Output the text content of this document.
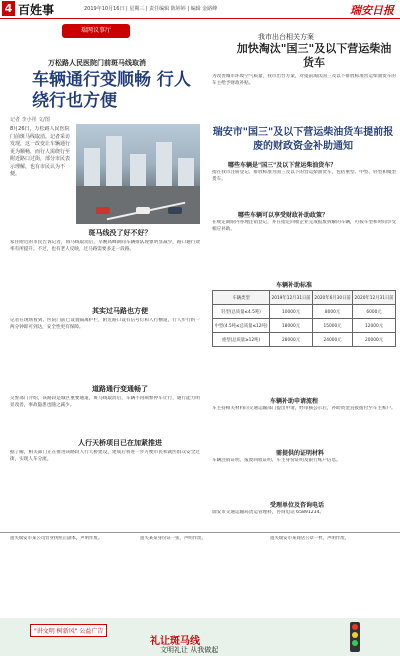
4 百姓事	2019年10月16日 | 星期三 | 责任编辑 陈婷婷 | 编辑 金路峰	瑞安日报
瑞网议事厅
万松路人民医院门前斑马线取消
车辆通行变顺畅 行人绕行也方便
记者 李小彤 文/图
8月26日，万松路人民医院门前斑马线取消。记者采访发现，这一改变让车辆通行更为顺畅，而行人需绕行至附近路口过街，部分市民表示理解，也有市民认为不便。
斑马线没了好不好？
家住附近的市民告诉记者，斑马线取消后，早晚高峰期间车辆排队现象明显减少，路口通行效率有所提升。不过，也有老人反映，过马路需要多走一段路。
其实过马路也方便
记者在现场看到，医院门前已设置隔离护栏，附近路口设有信号灯和人行横道，行人步行约一两分钟即可到达，安全性更有保障。
道路通行变通畅了
交警部门介绍，该路段是城区重要通道，斑马线取消后，车辆不再频繁停车让行，通行能力明显改善，事故隐患也随之减少。
人行天桥项目已在加紧推进
据了解，相关部门正在推进该路段人行天桥建设，建成后将进一步方便市民和就医群众安全过街，实现人车分流。
我市出台相关方案
加快淘汰"国三"及以下营运柴油货车
为改善城市环境空气质量，我市出台方案，对提前淘汰国三及以下排放标准营运柴油货车的车主给予财政补贴。
瑞安市"国三"及以下营运柴油货车提前报废的财政资金补助通知
哪些车辆是"国三"及以下营运柴油货车？
指在我市注册登记、排放标准为国三及以下的营运柴油货车，包括重型、中型、轻型和微型货车。
哪些车辆可以享受财政补助政策？
在规定期限内办理注销登记，并在指定回收企业完成报废拆解的车辆，可按车型和时间享受相应补助。
车辆补助标准
车辆类型	2019年12月31日前	2020年6月30日前	2020年12月31日前
轻型(总质量≤4.5吨)	10000元	8000元	6000元
中型(4.5吨≤总质量≤12吨)	18000元	15000元	12000元
重型(总质量≥12吨)	28000元	24000元	20000元
车辆补助申请流程
车主持相关材料向交通运输部门提出申请，经审核公示后，补助资金直接拨付至车主账户。
需提供的证明材料
车辆注销证明、报废回收证明、车主身份证明及银行账户信息。
受理单位及咨询电话
瑞安市交通运输局货运管理科，咨询电话 65891234。
遗失瑞安市某公司营业执照正副本，声明作废。	遗失某某身份证一张，声明作废。	遗失瑞安市某商店公章一枚，声明作废。
"讲文明 树新风" 公益广告
礼让斑马线
文明礼让 从我做起
